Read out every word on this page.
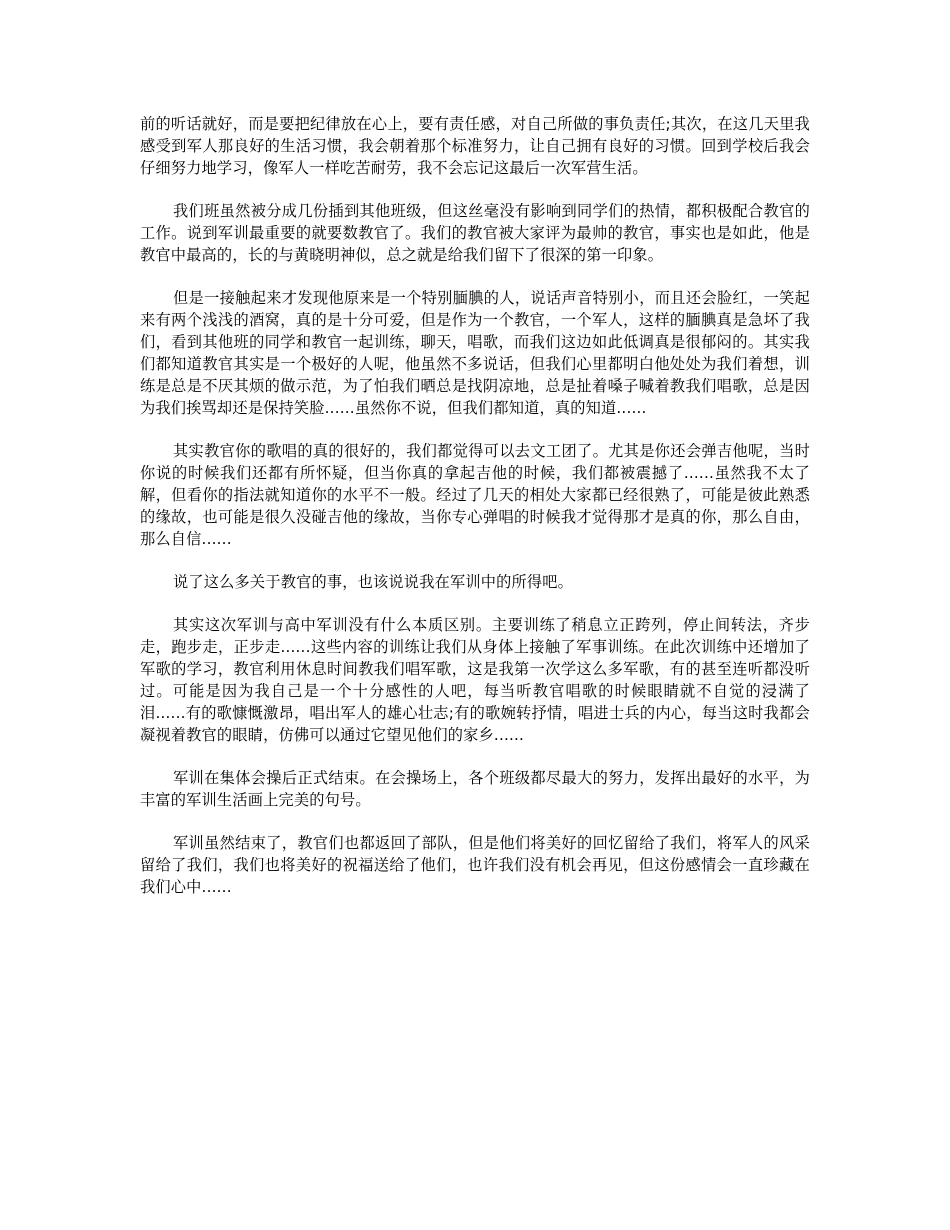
前的听话就好，而是要把纪律放在心上，要有责任感，对自己所做的事负责任;其次，在这几天里我感受到军人那良好的生活习惯，我会朝着那个标准努力，让自己拥有良好的习惯。回到学校后我会仔细努力地学习，像军人一样吃苦耐劳，我不会忘记这最后一次军营生活。

我们班虽然被分成几份插到其他班级，但这丝毫没有影响到同学们的热情，都积极配合教官的工作。说到军训最重要的就要数教官了。我们的教官被大家评为最帅的教官，事实也是如此，他是教官中最高的，长的与黄晓明神似，总之就是给我们留下了很深的第一印象。

但是一接触起来才发现他原来是一个特别腼腆的人，说话声音特别小，而且还会脸红，一笑起来有两个浅浅的酒窝，真的是十分可爱，但是作为一个教官，一个军人，这样的腼腆真是急坏了我们，看到其他班的同学和教官一起训练，聊天，唱歌，而我们这边如此低调真是很郁闷的。其实我们都知道教官其实是一个极好的人呢，他虽然不多说话，但我们心里都明白他处处为我们着想，训练是总是不厌其烦的做示范，为了怕我们晒总是找阴凉地，总是扯着嗓子喊着教我们唱歌，总是因为我们挨骂却还是保持笑脸......虽然你不说，但我们都知道，真的知道......

其实教官你的歌唱的真的很好的，我们都觉得可以去文工团了。尤其是你还会弹吉他呢，当时你说的时候我们还都有所怀疑，但当你真的拿起吉他的时候，我们都被震撼了......虽然我不太了解，但看你的指法就知道你的水平不一般。经过了几天的相处大家都已经很熟了，可能是彼此熟悉的缘故，也可能是很久没碰吉他的缘故，当你专心弹唱的时候我才觉得那才是真的你，那么自由，那么自信......

说了这么多关于教官的事，也该说说我在军训中的所得吧。

其实这次军训与高中军训没有什么本质区别。主要训练了稍息立正跨列，停止间转法，齐步走，跑步走，正步走......这些内容的训练让我们从身体上接触了军事训练。在此次训练中还增加了军歌的学习，教官利用休息时间教我们唱军歌，这是我第一次学这么多军歌，有的甚至连听都没听过。可能是因为我自己是一个十分感性的人吧，每当听教官唱歌的时候眼睛就不自觉的浸满了泪......有的歌慷慨激昂，唱出军人的雄心壮志;有的歌婉转抒情，唱进士兵的内心，每当这时我都会凝视着教官的眼睛，仿佛可以通过它望见他们的家乡......

军训在集体会操后正式结束。在会操场上，各个班级都尽最大的努力，发挥出最好的水平，为丰富的军训生活画上完美的句号。

军训虽然结束了，教官们也都返回了部队，但是他们将美好的回忆留给了我们，将军人的风采留给了我们，我们也将美好的祝福送给了他们，也许我们没有机会再见，但这份感情会一直珍藏在我们心中......
